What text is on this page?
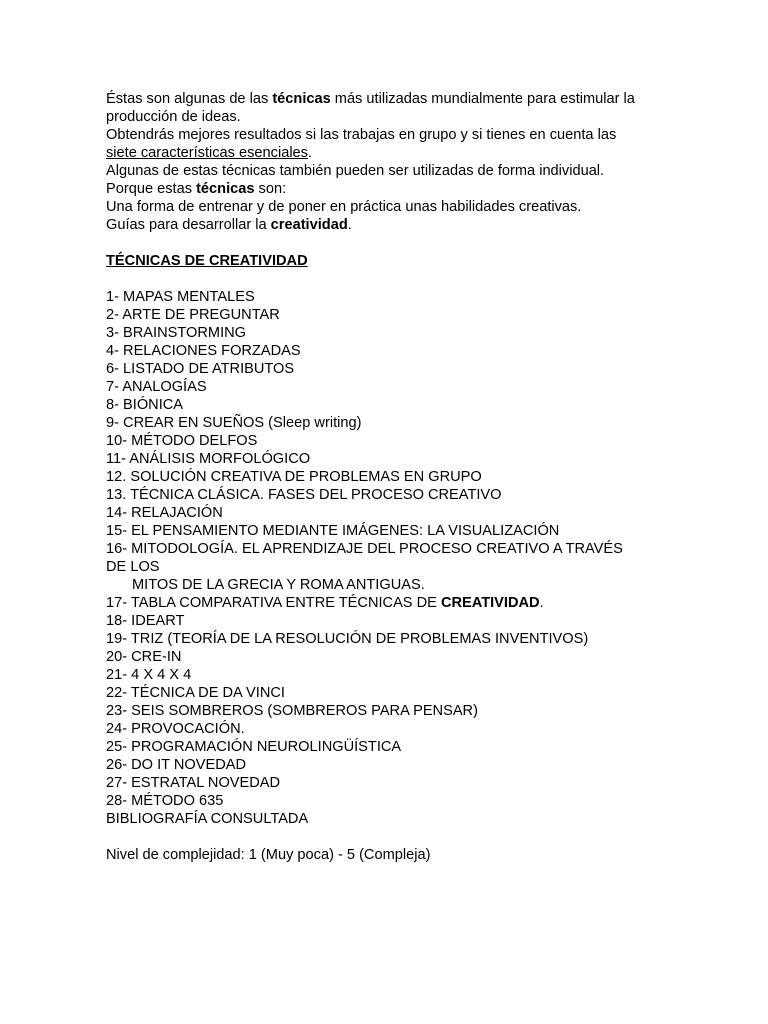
Éstas son algunas de las técnicas más utilizadas mundialmente para estimular la
producción de ideas.
Obtendrás mejores resultados si las trabajas en grupo y si tienes en cuenta las
siete características esenciales.
Algunas de estas técnicas también pueden ser utilizadas de forma individual.
Porque estas técnicas son:
Una forma de entrenar y de poner en práctica unas habilidades creativas.
Guías para desarrollar la creatividad.
TÉCNICAS DE CREATIVIDAD
1- MAPAS MENTALES
2- ARTE DE PREGUNTAR
3- BRAINSTORMING
4- RELACIONES FORZADAS
6- LISTADO DE ATRIBUTOS
7- ANALOGÍAS
8- BIÓNICA
9- CREAR EN SUEÑOS (Sleep writing)
10- MÉTODO DELFOS
11- ANÁLISIS MORFOLÓGICO
12. SOLUCIÓN CREATIVA DE PROBLEMAS EN GRUPO
13. TÉCNICA CLÁSICA. FASES DEL PROCESO CREATIVO
14- RELAJACIÓN
15- EL PENSAMIENTO MEDIANTE IMÁGENES: LA VISUALIZACIÓN
16- MITODOLOGÍA. EL APRENDIZAJE DEL PROCESO CREATIVO A TRAVÉS
DE LOS
MITOS DE LA GRECIA Y ROMA ANTIGUAS.
17- TABLA COMPARATIVA ENTRE TÉCNICAS DE CREATIVIDAD.
18- IDEART
19- TRIZ (TEORÍA DE LA RESOLUCIÓN DE PROBLEMAS INVENTIVOS)
20- CRE-IN
21- 4 X 4 X 4
22- TÉCNICA DE DA VINCI
23- SEIS SOMBREROS (SOMBREROS PARA PENSAR)
24- PROVOCACIÓN.
25- PROGRAMACIÓN NEUROLINGÜÍSTICA
26- DO IT NOVEDAD
27- ESTRATAL NOVEDAD
28- MÉTODO 635
BIBLIOGRAFÍA CONSULTADA
Nivel de complejidad: 1 (Muy poca) - 5 (Compleja)
